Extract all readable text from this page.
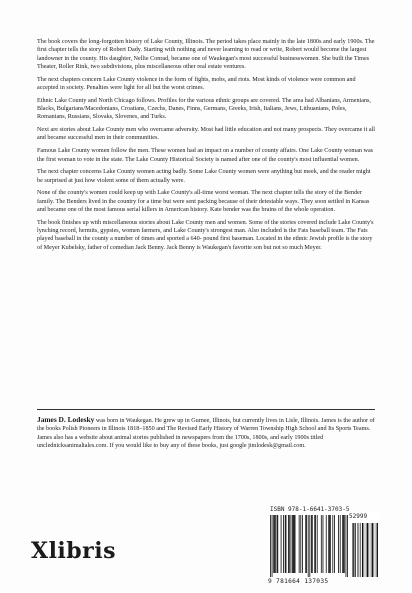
The book covers the long-forgotten history of Lake County, Illinois. The period takes place mainly in the late 1800s and early 1900s. The first chapter tells the story of Robert Dady. Starting with nothing and never learning to read or write, Robert would become the largest landowner in the county. His daughter, Nellie Conrad, became one of Waukegan's most successful businesswomen. She built the Times Theater, Roller Rink, two subdivisions, plus miscellaneous other real estate ventures.

The next chapters concern Lake County violence in the form of fights, mobs, and riots. Most kinds of violence were common and accepted in society. Penalties were light for all but the worst crimes.

Ethnic Lake County and North Chicago follows. Profiles for the various ethnic groups are covered. The area had Albanians, Armenians, Blacks, Bulgarians/Macedonians, Croatians, Czechs, Danes, Finns, Germans, Greeks, Irish, Italians, Jews, Lithuanians, Poles, Romanians, Russians, Slovaks, Slovenes, and Turks.

Next are stories about Lake County men who overcame adversity. Most had little education and not many prospects. They overcame it all and became successful men in their communities.

Famous Lake County women follow the men. These women had an impact on a number of county affairs. One Lake County woman was the first woman to vote in the state. The Lake County Historical Society is named after one of the county's most influential women.

The next chapter concerns Lake County women acting badly. Some Lake County women were anything but meek, and the reader might be surprised at just how violent some of them actually were.

None of the county's women could keep up with Lake County's all-time worst woman. The next chapter tells the story of the Bender family. The Benders lived in the country for a time but were sent packing because of their detestable ways. They soon settled in Kansas and became one of the most famous serial killers in American history. Kate bender was the brains of the whole operation.

The book finishes up with miscellaneous stories about Lake County men and women. Some of the stories covered include Lake County's lynching record, hermits, gypsies, women farmers, and Lake County's strongest man. Also included is the Fats baseball team. The Fats played baseball in the county a number of times and sported a 640- pound first baseman. Located in the ethnic Jewish profile is the story of Meyer Kubelsky, father of comedian Jack Benny. Jack Benny is Waukegan's favorite son but not so much Meyer.

James D. Lodesky was born in Waukegan. He grew up in Gurnee, Illinois, but currently lives in Lisle, Illinois. James is the author of the books Polish Pioneers in Illinois 1818–1850 and The Revised Early History of Warren Township High School and Its Sports Teams. James also has a website about animal stories published in newspapers from the 1700s, 1800s, and early 1900s titled unclednicksanimaltales.com. If you would like to buy any of these books, just google jimlodesk@gmail.com.
Xlibris
ISBN 978-1-6641-3703-5
52999
9 781664 137035
